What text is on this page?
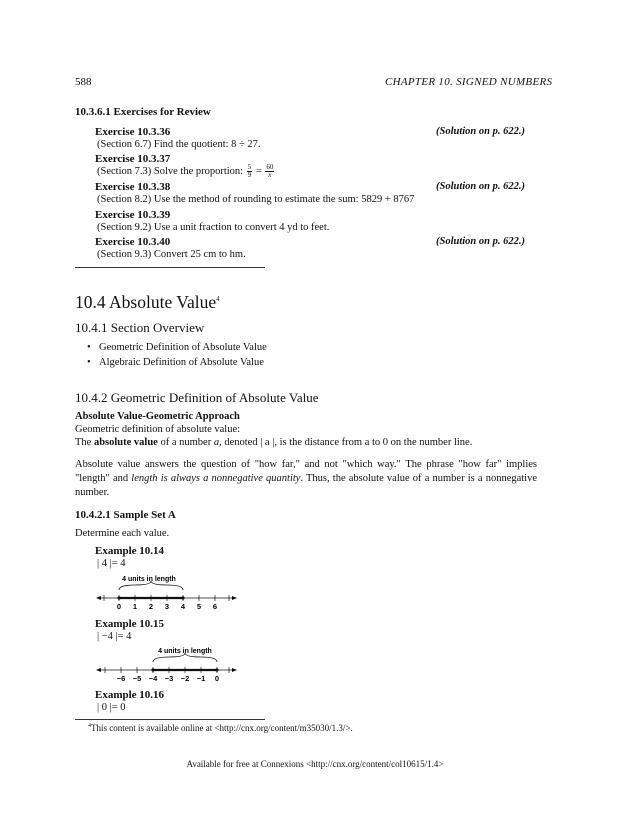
588	CHAPTER 10. SIGNED NUMBERS
10.3.6.1 Exercises for Review
Exercise 10.3.36	(Solution on p. 622.)
(Section 6.7) Find the quotient: 8 ÷ 27.
Exercise 10.3.37
(Section 7.3) Solve the proportion: $\frac{5}{9} = \frac{60}{x}$
Exercise 10.3.38	(Solution on p. 622.)
(Section 8.2) Use the method of rounding to estimate the sum: 5829 + 8767
Exercise 10.3.39
(Section 9.2) Use a unit fraction to convert 4 yd to feet.
Exercise 10.3.40	(Solution on p. 622.)
(Section 9.3) Convert 25 cm to hm.
10.4 Absolute Value$^4$
10.4.1 Section Overview
• Geometric Definition of Absolute Value
• Algebraic Definition of Absolute Value
10.4.2 Geometric Definition of Absolute Value
Absolute Value-Geometric Approach
Geometric definition of absolute value:
The absolute value of a number a, denoted | a |, is the distance from a to 0 on the number line.
Absolute value answers the question of "how far," and not "which way." The phrase "how far" implies "length" and length is always a nonnegative quantity. Thus, the absolute value of a number is a nonnegative number.
10.4.2.1 Sample Set A
Determine each value.
Example 10.14
| 4 |= 4
4 units in length
0 1 2 3 4 5 6
Example 10.15
| −4 |= 4
4 units in length
−6 −5 −4 −3 −2 −1 0
Example 10.16
| 0 |= 0
$^4$This content is available online at <http://cnx.org/content/m35030/1.3/>.
Available for free at Connexions <http://cnx.org/content/col10615/1.4>
